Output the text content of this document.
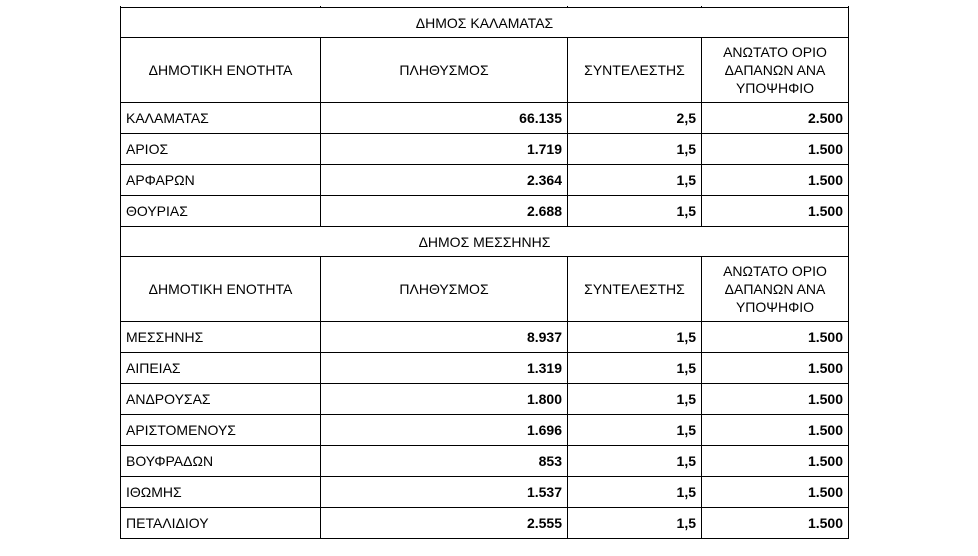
ΔΗΜΟΣ ΚΑΛΑΜΑΤΑΣ			
ΔΗΜΟΤΙΚΗ ΕΝΟΤΗΤΑ	ΠΛΗΘΥΣΜΟΣ	ΣΥΝΤΕΛΕΣΤΗΣ	ΑΝΩΤΑΤΟ ΟΡΙΟ ΔΑΠΑΝΩΝ ΑΝΑ ΥΠΟΨΗΦΙΟ
ΚΑΛΑΜΑΤΑΣ	66.135	2,5	2.500
ΑΡΙΟΣ	1.719	1,5	1.500
ΑΡΦΑΡΩΝ	2.364	1,5	1.500
ΘΟΥΡΙΑΣ	2.688	1,5	1.500
ΔΗΜΟΣ ΜΕΣΣΗΝΗΣ			
ΔΗΜΟΤΙΚΗ ΕΝΟΤΗΤΑ	ΠΛΗΘΥΣΜΟΣ	ΣΥΝΤΕΛΕΣΤΗΣ	ΑΝΩΤΑΤΟ ΟΡΙΟ ΔΑΠΑΝΩΝ ΑΝΑ ΥΠΟΨΗΦΙΟ
ΜΕΣΣΗΝΗΣ	8.937	1,5	1.500
ΑΙΠΕΙΑΣ	1.319	1,5	1.500
ΑΝΔΡΟΥΣΑΣ	1.800	1,5	1.500
ΑΡΙΣΤΟΜΕΝΟΥΣ	1.696	1,5	1.500
ΒΟΥΦΡΑΔΩΝ	853	1,5	1.500
ΙΘΩΜΗΣ	1.537	1,5	1.500
ΠΕΤΑΛΙΔΙΟΥ	2.555	1,5	1.500
